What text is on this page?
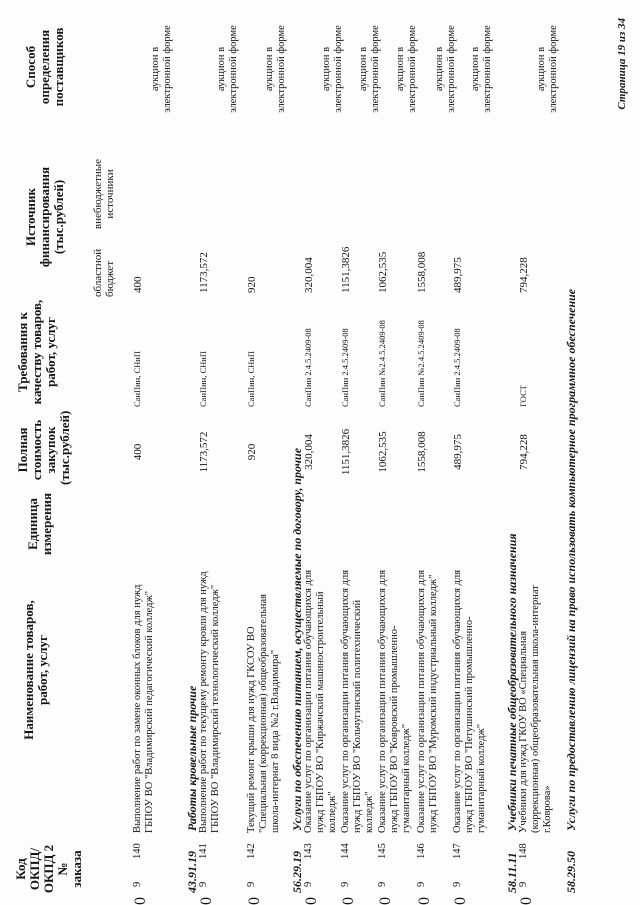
Код ОКПД/ ОКПД 2 № заказа
Наименование товаров, работ, услуг
Единица измерения
Полная стоимость закупок (тыс.рублей)
Требования к качеству товаров, работ, услуг
Источник финансирования (тыс.рублей)
областной бюджет
внебюджетные источники
Способ определения поставщиков
9
140
Выполнение работ по замене оконных блоков для нужд ГБПОУ ВО "Владимирский педагогический колледж"
400
СанПин, СНиП
400
0
аукцион в электронной форме
43.91.19Работы кровельные прочие
9
141
Выполнение работ по текущему ремонту кровли для нужд ГБПОУ ВО "Владимирский технологический колледж"
1173,572
СанПин, СНиП
1173,572
0
аукцион в электронной форме
9
142
Текущий ремонт крыши для нужд ГКСОУ ВО "Специальная (коррекционная) общеобразовательная школа-интернат 8 вида №2 г.Владимира"
920
СанПин, СНиП
920
0
аукцион в электронной форме
56.29.19Услуги по обеспечению питанием, осуществляемые по договору, прочие
9
143
Оказание услуг по организации питания обучающихся для нужд ГБПОУ ВО "Киржачский машиностроительный колледж"
320,004
СанПин 2.4.5.2409-08
320,004
0
аукцион в электронной форме
9
144
Оказание услуг по организации питания обучающихся для нужд ГБПОУ ВО "Кольчугинский политехнический колледж"
1151,3826
СанПин 2.4.5.2409-08
1151,3826
0
аукцион в электронной форме
9
145
Оказание услуг по организации питания обучающихся для нужд ГБПОУ ВО "Ковровский промышленно-гуманитарный колледж"
1062,535
СанПин №2.4.5.2409-08
1062,535
0
аукцион в электронной форме
9
146
Оказание услуг по организации питания обучающихся для нужд ГБПОУ ВО "Муромский индустриальный колледж"
1558,008
СанПин №2.4.5.2409-08
1558,008
0
аукцион в электронной форме
9
147
Оказание услуг по организации питания обучающихся для нужд ГБПОУ ВО "Петушинский промышленно-гуманитарный колледж"
489,975
СанПин 2.4.5.2409-08
489,975
0
аукцион в электронной форме
58.11.11Учебники печатные общеобразовательного назначения
9
148
Учебники для нужд ГКОУ ВО «Специальная (коррекционная) общеобразовательная школа-интернат г.Коврова»
794,228
ГОСТ
794,228
0
аукцион в электронной форме
58.29.50Услуги по предоставлению лицензий на право использовать компьютерное программное обеспечение
Страница 19 из 34
